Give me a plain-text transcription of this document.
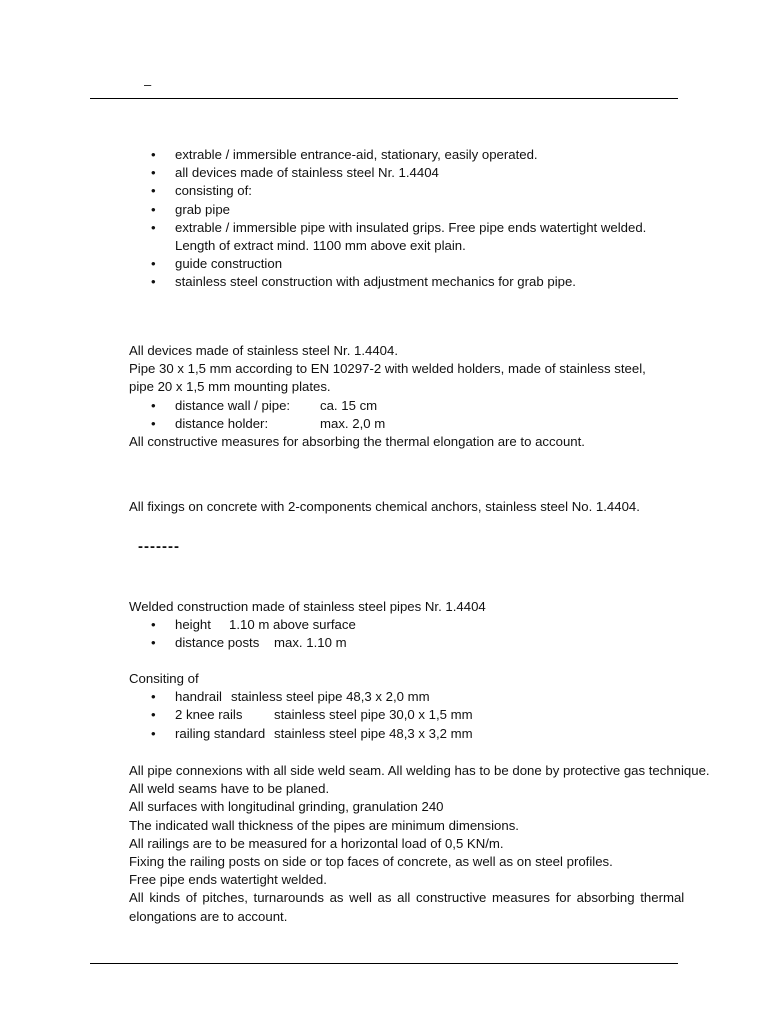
–
• extrable / immersible entrance-aid, stationary, easily operated.
• all devices made of stainless steel Nr. 1.4404
• consisting of:
• grab pipe
• extrable / immersible pipe with insulated grips. Free pipe ends watertight welded.
Length of extract mind. 1100 mm above exit plain.
• guide construction
• stainless steel construction with adjustment mechanics for grab pipe.
All devices made of stainless steel Nr. 1.4404.
Pipe 30 x 1,5 mm according to EN 10297-2 with welded holders, made of stainless steel,
pipe 20 x 1,5 mm mounting plates.
• distance wall / pipe: ca. 15 cm
• distance holder:	max. 2,0 m
All constructive measures for absorbing the thermal elongation are to account.
All fixings on concrete with 2-components chemical anchors, stainless steel No. 1.4404.
-------
Welded construction made of stainless steel pipes Nr. 1.4404
• height 1.10 m above surface
• distance posts max. 1.10 m
Consiting of
• handrail stainless steel pipe 48,3 x 2,0 mm
• 2 knee rails stainless steel pipe 30,0 x 1,5 mm
• railing standard stainless steel pipe 48,3 x 3,2 mm
All pipe connexions with all side weld seam. All welding has to be done by protective gas technique.
All weld seams have to be planed.
All surfaces with longitudinal grinding, granulation 240
The indicated wall thickness of the pipes are minimum dimensions.
All railings are to be measured for a horizontal load of 0,5 KN/m.
Fixing the railing posts on side or top faces of concrete, as well as on steel profiles.
Free pipe ends watertight welded.
All kinds of pitches, turnarounds as well as all constructive measures for absorbing thermal
elongations are to account.
